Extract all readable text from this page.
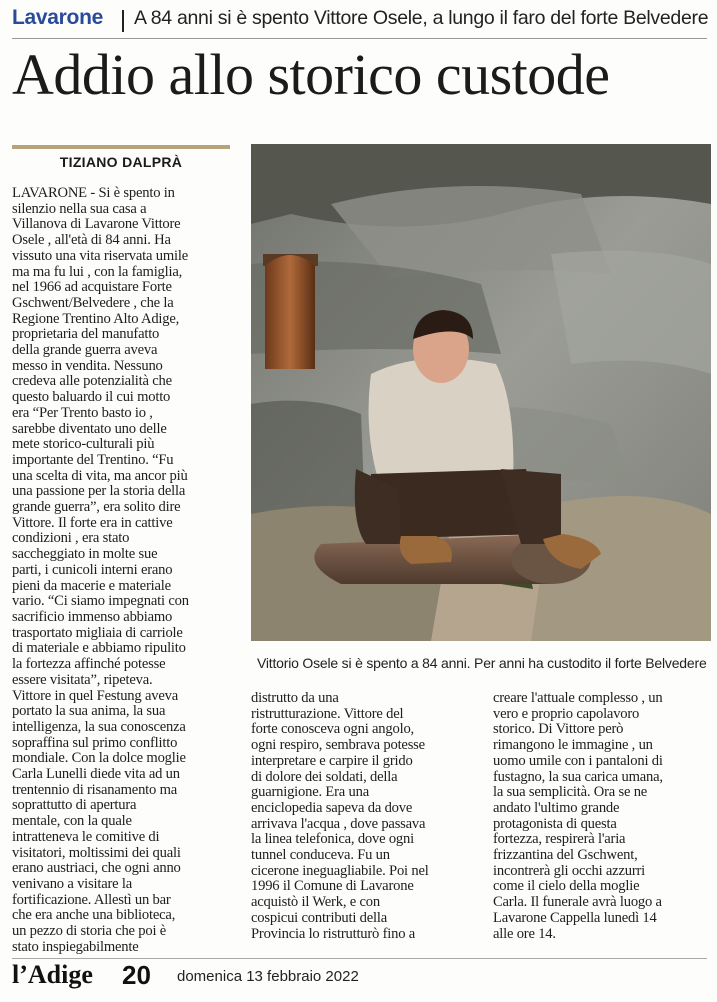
Lavarone A 84 anni si è spento Vittore Osele, a lungo il faro del forte Belvedere
Addio allo storico custode
TIZIANO DALPRÀ
LAVARONE - Si è spento in
silenzio nella sua casa a
Villanova di Lavarone Vittore
Osele , all'età di 84 anni. Ha
vissuto una vita riservata umile
ma ma fu lui , con la famiglia,
nel 1966 ad acquistare Forte
Gschwent/Belvedere , che la
Regione Trentino Alto Adige,
proprietaria del manufatto
della grande guerra aveva
messo in vendita. Nessuno
credeva alle potenzialità che
questo baluardo il cui motto
era “Per Trento basto io ,
sarebbe diventato uno delle
mete storico-culturali più
importante del Trentino. “Fu
una scelta di vita, ma ancor più
una passione per la storia della
grande guerra”, era solito dire
Vittore. Il forte era in cattive
condizioni , era stato
saccheggiato in molte sue
parti, i cunicoli interni erano
pieni da macerie e materiale
vario. “Ci siamo impegnati con
sacrificio immenso abbiamo
trasportato migliaia di carriole
di materiale e abbiamo ripulito
la fortezza affinché potesse
essere visitata”, ripeteva.
Vittore in quel Festung aveva
portato la sua anima, la sua
intelligenza, la sua conoscenza
sopraffina sul primo conflitto
mondiale. Con la dolce moglie
Carla Lunelli diede vita ad un
trentennio di risanamento ma
soprattutto di apertura
mentale, con la quale
intratteneva le comitive di
visitatori, moltissimi dei quali
erano austriaci, che ogni anno
venivano a visitare la
fortificazione. Allestì un bar
che era anche una biblioteca,
un pezzo di storia che poi è
stato inspiegabilmente
Vittorio Osele si è spento a 84 anni. Per anni ha custodito il forte Belvedere
distrutto da una
ristrutturazione. Vittore del
forte conosceva ogni angolo,
ogni respiro, sembrava potesse
interpretare e carpire il grido
di dolore dei soldati, della
guarnigione. Era una
enciclopedia sapeva da dove
arrivava l'acqua , dove passava
la linea telefonica, dove ogni
tunnel conduceva. Fu un
cicerone ineguagliabile. Poi nel
1996 il Comune di Lavarone
acquistò il Werk, e con
cospicui contributi della
Provincia lo ristrutturò fino a
creare l'attuale complesso , un
vero e proprio capolavoro
storico. Di Vittore però
rimangono le immagine , un
uomo umile con i pantaloni di
fustagno, la sua carica umana,
la sua semplicità. Ora se ne
andato l'ultimo grande
protagonista di questa
fortezza, respirerà l'aria
frizzantina del Gschwent,
incontrerà gli occhi azzurri
come il cielo della moglie
Carla. Il funerale avrà luogo a
Lavarone Cappella lunedì 14
alle ore 14.
l’Adige 20 domenica 13 febbraio 2022
